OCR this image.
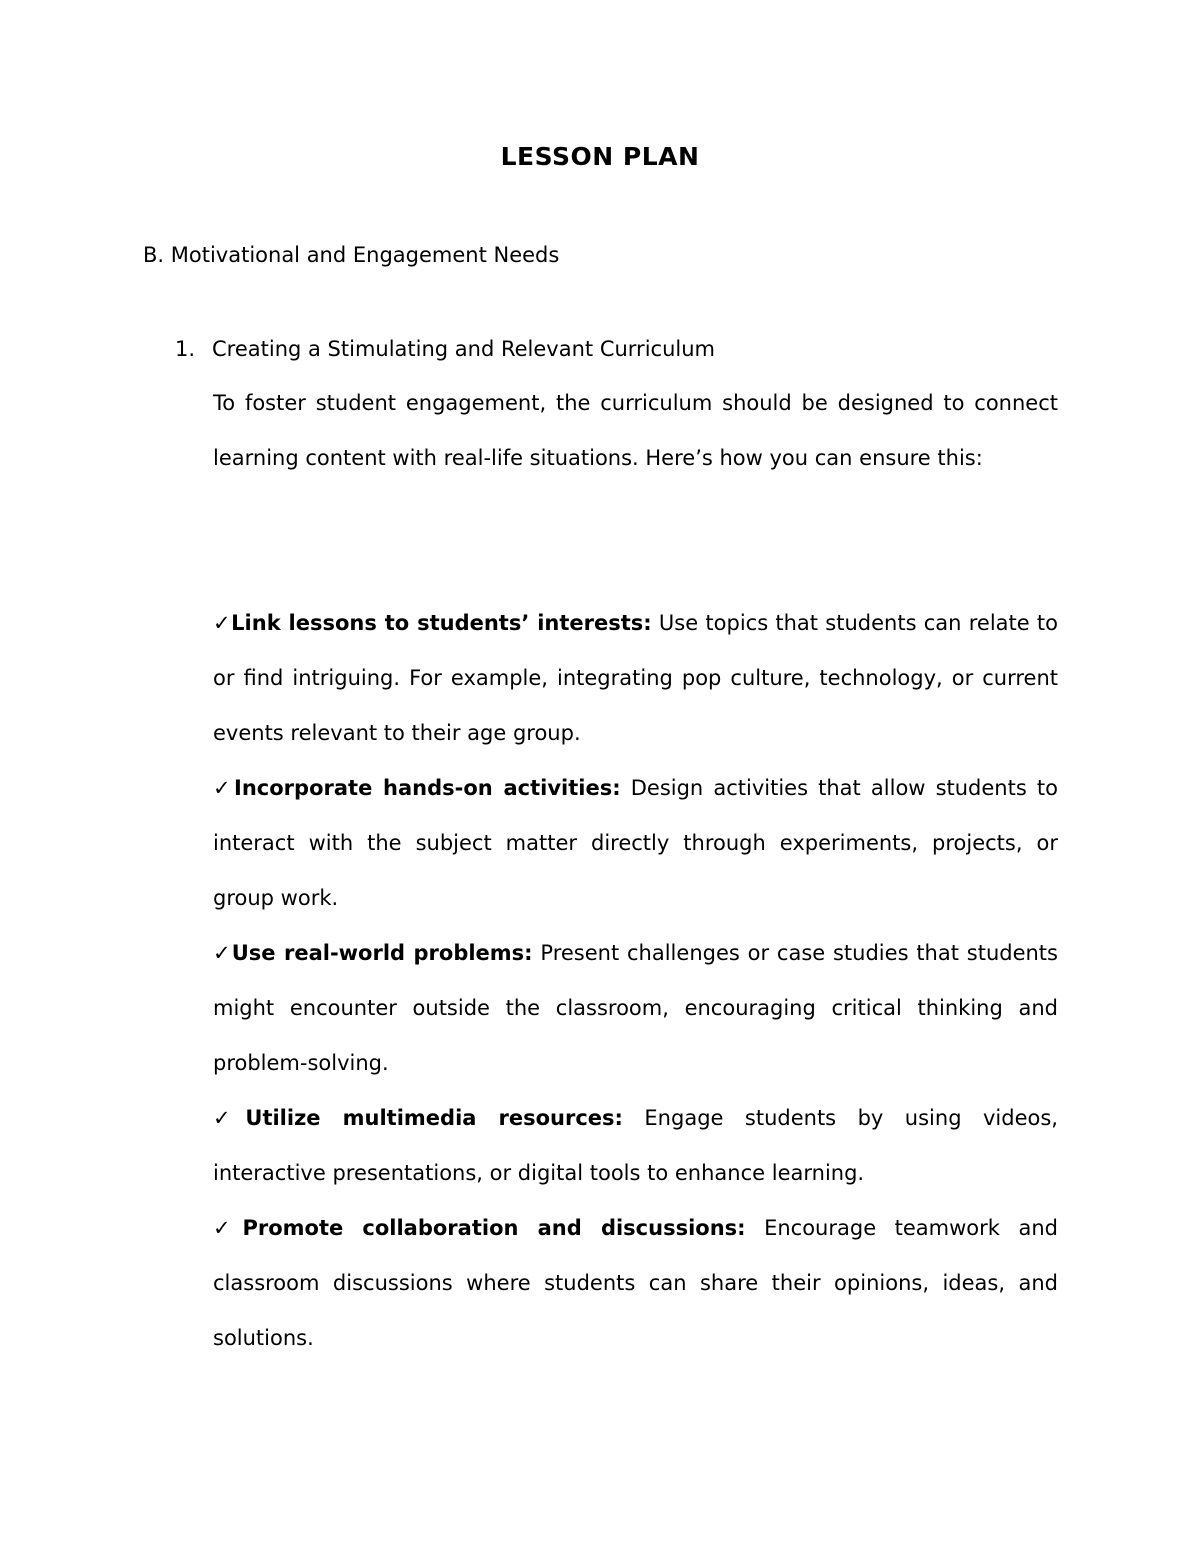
LESSON PLAN

B. Motivational and Engagement Needs

1. Creating a Stimulating and Relevant Curriculum

To foster student engagement, the curriculum should be designed to connect learning content with real-life situations. Here’s how you can ensure this:

✓Link lessons to students’ interests: Use topics that students can relate to or find intriguing. For example, integrating pop culture, technology, or current events relevant to their age group.
✓Incorporate hands-on activities: Design activities that allow students to interact with the subject matter directly through experiments, projects, or group work.
✓Use real-world problems: Present challenges or case studies that students might encounter outside the classroom, encouraging critical thinking and problem-solving.
✓Utilize multimedia resources: Engage students by using videos, interactive presentations, or digital tools to enhance learning.
✓Promote collaboration and discussions: Encourage teamwork and classroom discussions where students can share their opinions, ideas, and solutions.
